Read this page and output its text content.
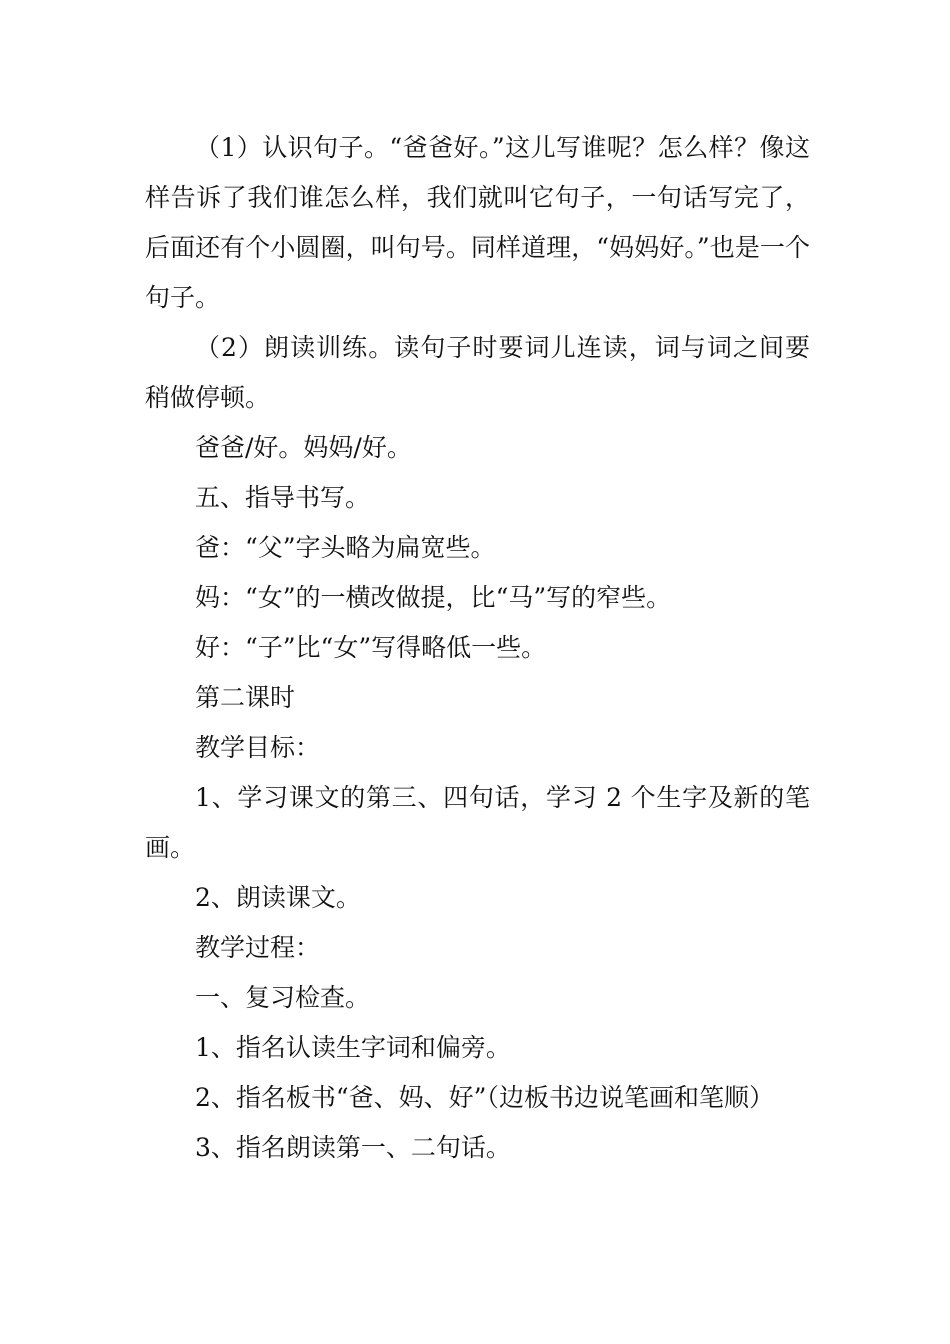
（1）认识句子。“爸爸好。”这儿写谁呢？怎么样？像这样告诉了我们谁怎么样，我们就叫它句子，一句话写完了，后面还有个小圆圈，叫句号。同样道理，“妈妈好。”也是一个句子。

（2）朗读训练。读句子时要词儿连读，词与词之间要稍做停顿。

爸爸/好。妈妈/好。

五、指导书写。

爸：“父”字头略为扁宽些。

妈：“女”的一横改做提，比“马”写的窄些。

好：“子”比“女”写得略低一些。

第二课时

教学目标：

1、学习课文的第三、四句话，学习 2 个生字及新的笔画。

2、朗读课文。

教学过程：

一、复习检查。

1、指名认读生字词和偏旁。

2、指名板书“爸、妈、好”（边板书边说笔画和笔顺）

3、指名朗读第一、二句话。
